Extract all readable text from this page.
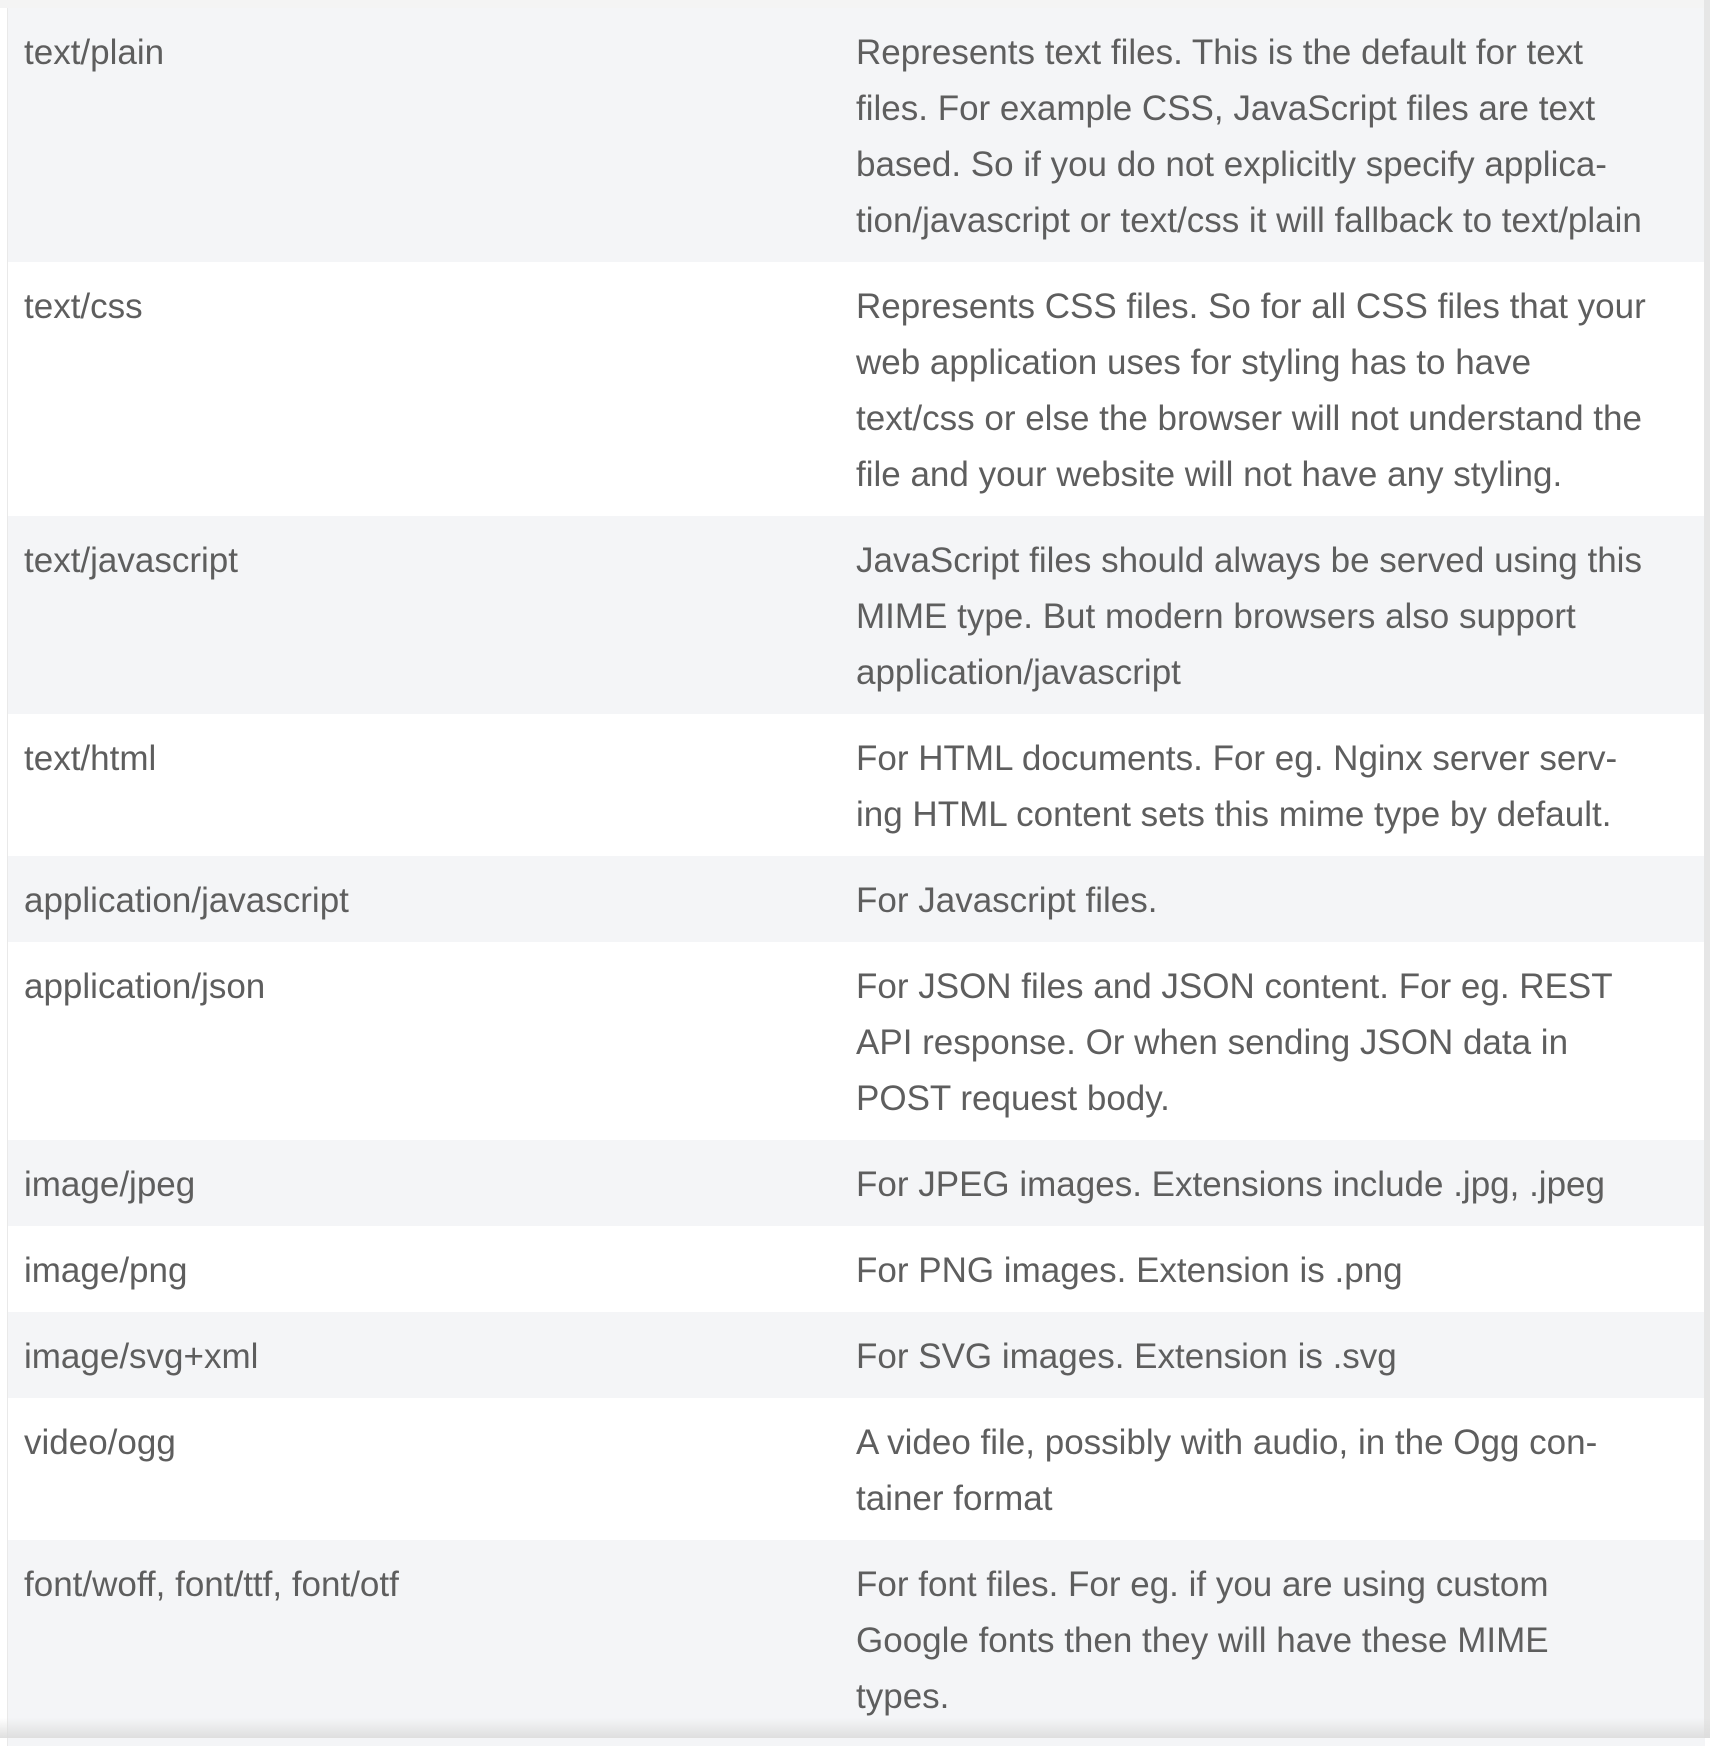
text/plain	Represents text files. This is the default for text
files. For example CSS, JavaScript files are text
based. So if you do not explicitly specify applica-
tion/javascript or text/css it will fallback to text/plain
text/css	Represents CSS files. So for all CSS files that your
web application uses for styling has to have
text/css or else the browser will not understand the
file and your website will not have any styling.
text/javascript	JavaScript files should always be served using this
MIME type. But modern browsers also support
application/javascript
text/html	For HTML documents. For eg. Nginx server serv-
ing HTML content sets this mime type by default.
application/javascript	For Javascript files.
application/json	For JSON files and JSON content. For eg. REST
API response. Or when sending JSON data in
POST request body.
image/jpeg	For JPEG images. Extensions include .jpg, .jpeg
image/png	For PNG images. Extension is .png
image/svg+xml	For SVG images. Extension is .svg
video/ogg	A video file, possibly with audio, in the Ogg con-
tainer format
font/woff, font/ttf, font/otf	For font files. For eg. if you are using custom
Google fonts then they will have these MIME
types.
